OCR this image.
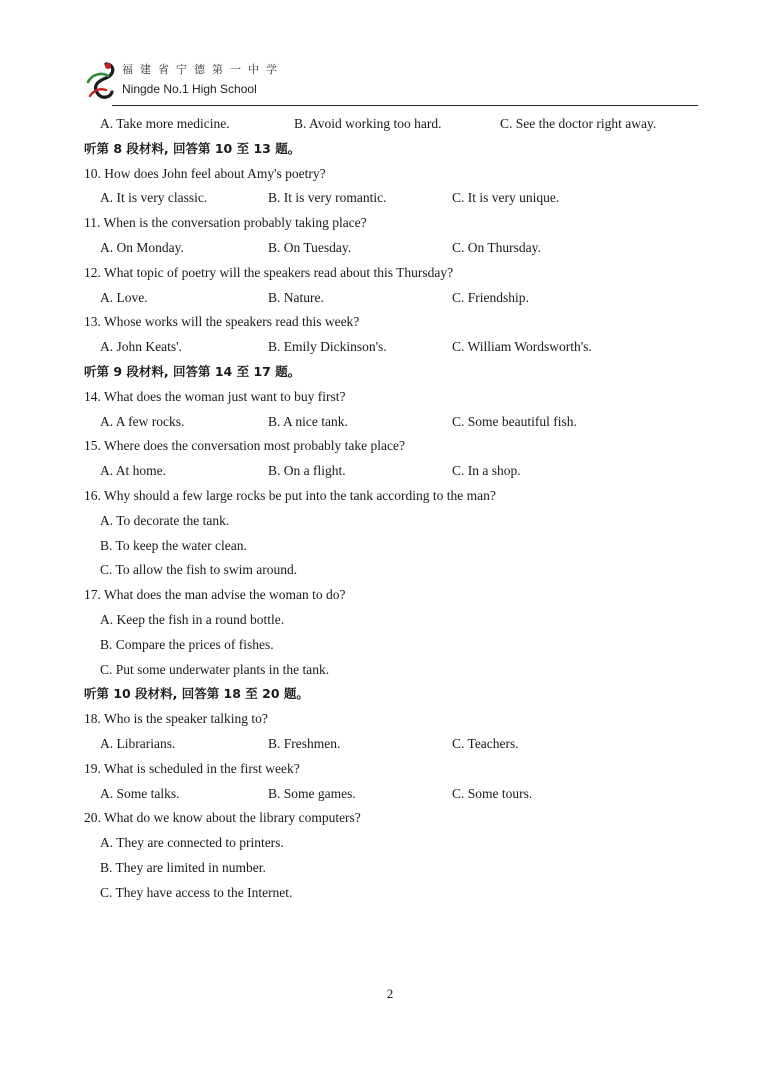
福建省宁德第一中学
Ningde No.1 High School
A. Take more medicine.	B. Avoid working too hard.	C. See the doctor right away.
听第 8 段材料, 回答第 10 至 13 题。
10. How does John feel about Amy's poetry?
A. It is very classic.	B. It is very romantic.	C. It is very unique.
11. When is the conversation probably taking place?
A. On Monday.	B. On Tuesday.	C. On Thursday.
12. What topic of poetry will the speakers read about this Thursday?
A. Love.	B. Nature.	C. Friendship.
13. Whose works will the speakers read this week?
A. John Keats'.	B. Emily Dickinson's.	C. William Wordsworth's.
听第 9 段材料, 回答第 14 至 17 题。
14. What does the woman just want to buy first?
A. A few rocks.	B. A nice tank.	C. Some beautiful fish.
15. Where does the conversation most probably take place?
A. At home.	B. On a flight.	C. In a shop.
16. Why should a few large rocks be put into the tank according to the man?
A. To decorate the tank.
B. To keep the water clean.
C. To allow the fish to swim around.
17. What does the man advise the woman to do?
A. Keep the fish in a round bottle.
B. Compare the prices of fishes.
C. Put some underwater plants in the tank.
听第 10 段材料, 回答第 18 至 20 题。
18. Who is the speaker talking to?
A. Librarians.	B. Freshmen.	C. Teachers.
19. What is scheduled in the first week?
A. Some talks.	B. Some games.	C. Some tours.
20. What do we know about the library computers?
A. They are connected to printers.
B. They are limited in number.
C. They have access to the Internet.
2
